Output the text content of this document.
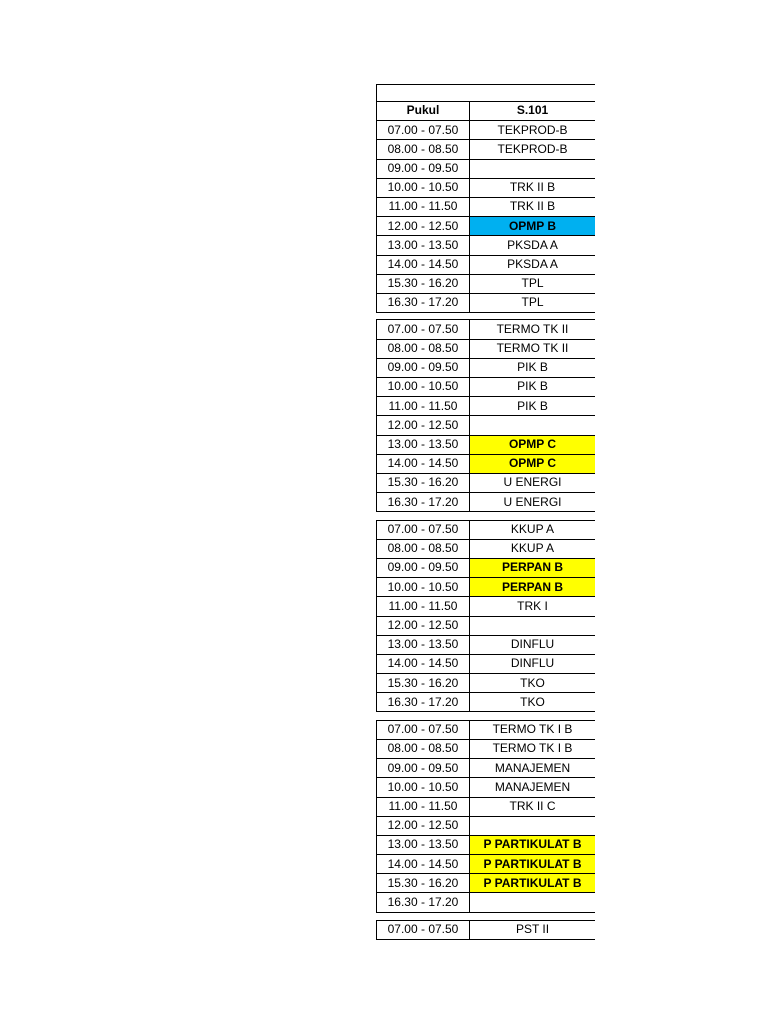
Pukul	S.101
07.00 - 07.50	TEKPROD-B
08.00 - 08.50	TEKPROD-B
09.00 - 09.50	
10.00 - 10.50	TRK II B
11.00 - 11.50	TRK II B
12.00 - 12.50	OPMP B
13.00 - 13.50	PKSDA A
14.00 - 14.50	PKSDA A
15.30 - 16.20	TPL
16.30 - 17.20	TPL
07.00 - 07.50	TERMO TK II
08.00 - 08.50	TERMO TK II
09.00 - 09.50	PIK B
10.00 - 10.50	PIK B
11.00 - 11.50	PIK B
12.00 - 12.50	
13.00 - 13.50	OPMP C
14.00 - 14.50	OPMP C
15.30 - 16.20	U ENERGI
16.30 - 17.20	U ENERGI
07.00 - 07.50	KKUP A
08.00 - 08.50	KKUP A
09.00 - 09.50	PERPAN B
10.00 - 10.50	PERPAN B
11.00 - 11.50	TRK I
12.00 - 12.50	
13.00 - 13.50	DINFLU
14.00 - 14.50	DINFLU
15.30 - 16.20	TKO
16.30 - 17.20	TKO
07.00 - 07.50	TERMO TK I B
08.00 - 08.50	TERMO TK I B
09.00 - 09.50	MANAJEMEN
10.00 - 10.50	MANAJEMEN
11.00 - 11.50	TRK II C
12.00 - 12.50	
13.00 - 13.50	P PARTIKULAT B
14.00 - 14.50	P PARTIKULAT B
15.30 - 16.20	P PARTIKULAT B
16.30 - 17.20	
07.00 - 07.50	PST II
